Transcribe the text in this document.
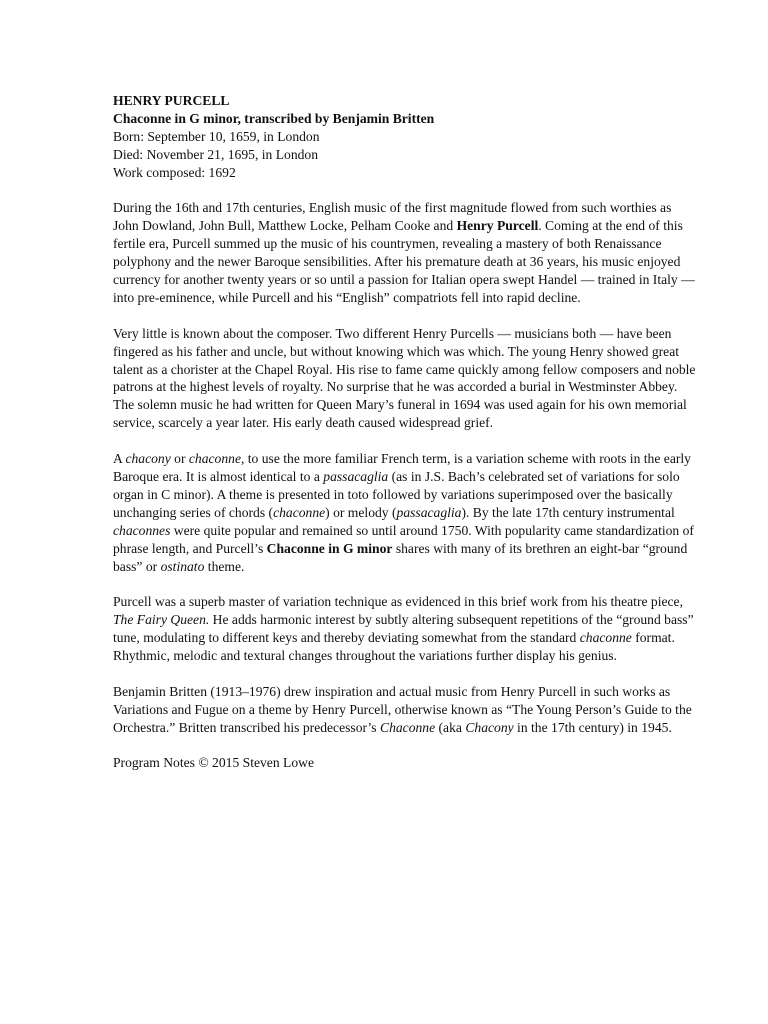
HENRY PURCELL

Chaconne in G minor, transcribed by Benjamin Britten

Born: September 10, 1659, in London

Died: November 21, 1695, in London

Work composed: 1692

During the 16th and 17th centuries, English music of the first magnitude flowed from such worthies as John Dowland, John Bull, Matthew Locke, Pelham Cooke and Henry Purcell. Coming at the end of this fertile era, Purcell summed up the music of his countrymen, revealing a mastery of both Renaissance polyphony and the newer Baroque sensibilities. After his premature death at 36 years, his music enjoyed currency for another twenty years or so until a passion for Italian opera swept Handel — trained in Italy — into pre-eminence, while Purcell and his “English” compatriots fell into rapid decline.

Very little is known about the composer. Two different Henry Purcells — musicians both — have been fingered as his father and uncle, but without knowing which was which. The young Henry showed great talent as a chorister at the Chapel Royal. His rise to fame came quickly among fellow composers and noble patrons at the highest levels of royalty. No surprise that he was accorded a burial in Westminster Abbey. The solemn music he had written for Queen Mary’s funeral in 1694 was used again for his own memorial service, scarcely a year later. His early death caused widespread grief.

A chacony or chaconne, to use the more familiar French term, is a variation scheme with roots in the early Baroque era. It is almost identical to a passacaglia (as in J.S. Bach’s celebrated set of variations for solo organ in C minor). A theme is presented in toto followed by variations superimposed over the basically unchanging series of chords (chaconne) or melody (passacaglia). By the late 17th century instrumental chaconnes were quite popular and remained so until around 1750. With popularity came standardization of phrase length, and Purcell’s Chaconne in G minor shares with many of its brethren an eight-bar “ground bass” or ostinato theme.

Purcell was a superb master of variation technique as evidenced in this brief work from his theatre piece, The Fairy Queen. He adds harmonic interest by subtly altering subsequent repetitions of the “ground bass” tune, modulating to different keys and thereby deviating somewhat from the standard chaconne format. Rhythmic, melodic and textural changes throughout the variations further display his genius.

Benjamin Britten (1913–1976) drew inspiration and actual music from Henry Purcell in such works as Variations and Fugue on a theme by Henry Purcell, otherwise known as “The Young Person’s Guide to the Orchestra.” Britten transcribed his predecessor’s Chaconne (aka Chacony in the 17th century) in 1945.

Program Notes © 2015 Steven Lowe
